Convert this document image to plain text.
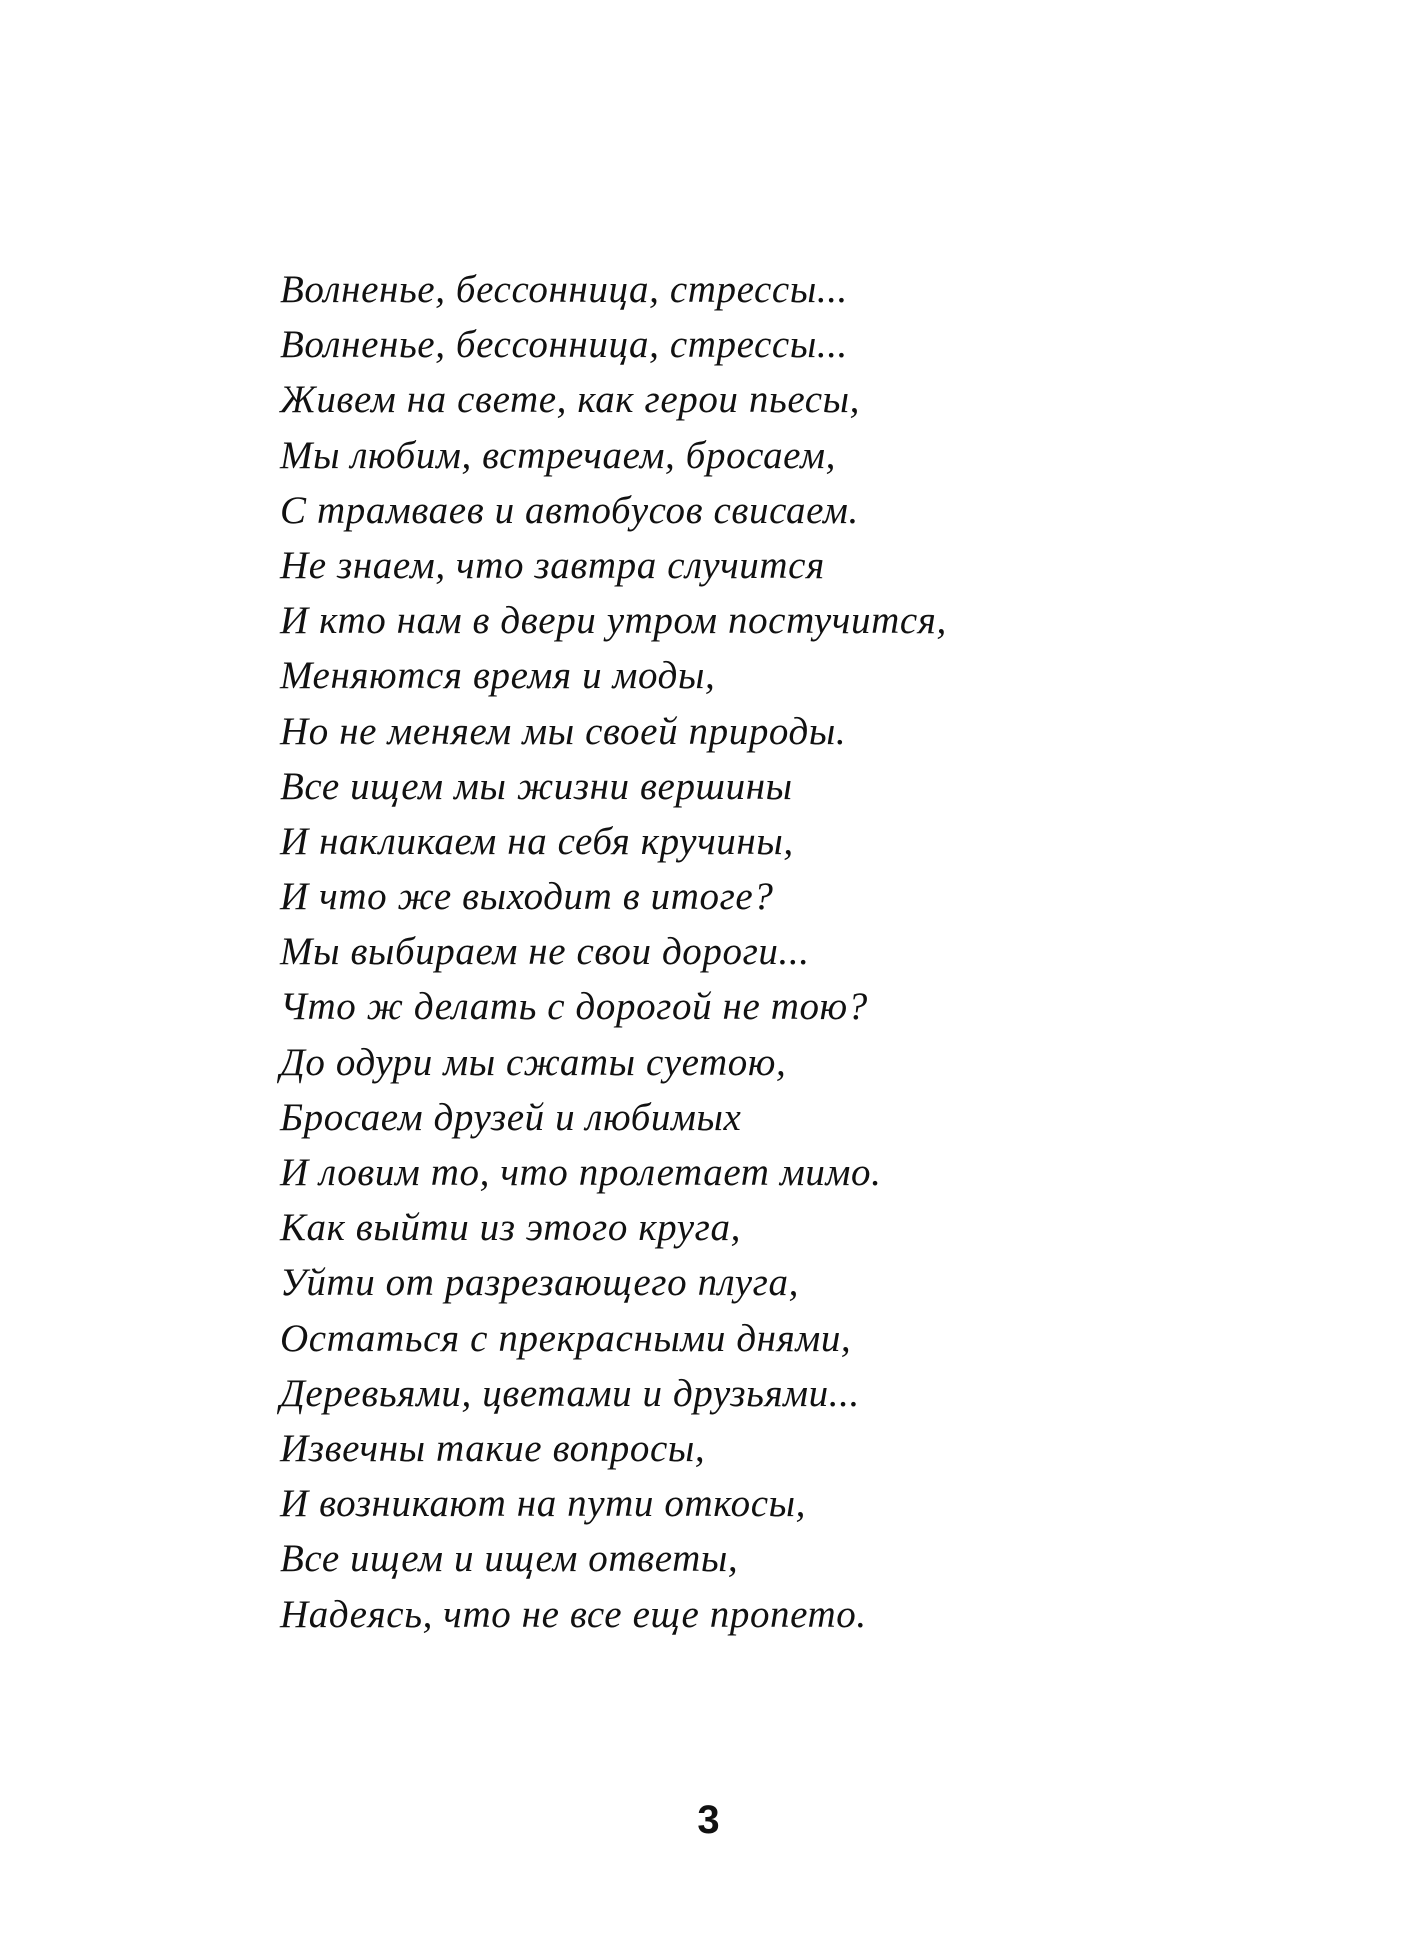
Волненье, бессонница, стрессы...
Волненье, бессонница, стрессы...
Живем на свете, как герои пьесы,
Мы любим, встречаем, бросаем,
С трамваев и автобусов свисаем.
Не знаем, что завтра случится
И кто нам в двери утром постучится,
Меняются время и моды,
Но не меняем мы своей природы.
Все ищем мы жизни вершины
И накликаем на себя кручины,
И что же выходит в итоге?
Мы выбираем не свои дороги...
Что ж делать с дорогой не тою?
До одури мы сжаты суетою,
Бросаем друзей и любимых
И ловим то, что пролетает мимо.
Как выйти из этого круга,
Уйти от разрезающего плуга,
Остаться с прекрасными днями,
Деревьями, цветами и друзьями...
Извечны такие вопросы,
И возникают на пути откосы,
Все ищем и ищем ответы,
Надеясь, что не все еще пропето.
3
